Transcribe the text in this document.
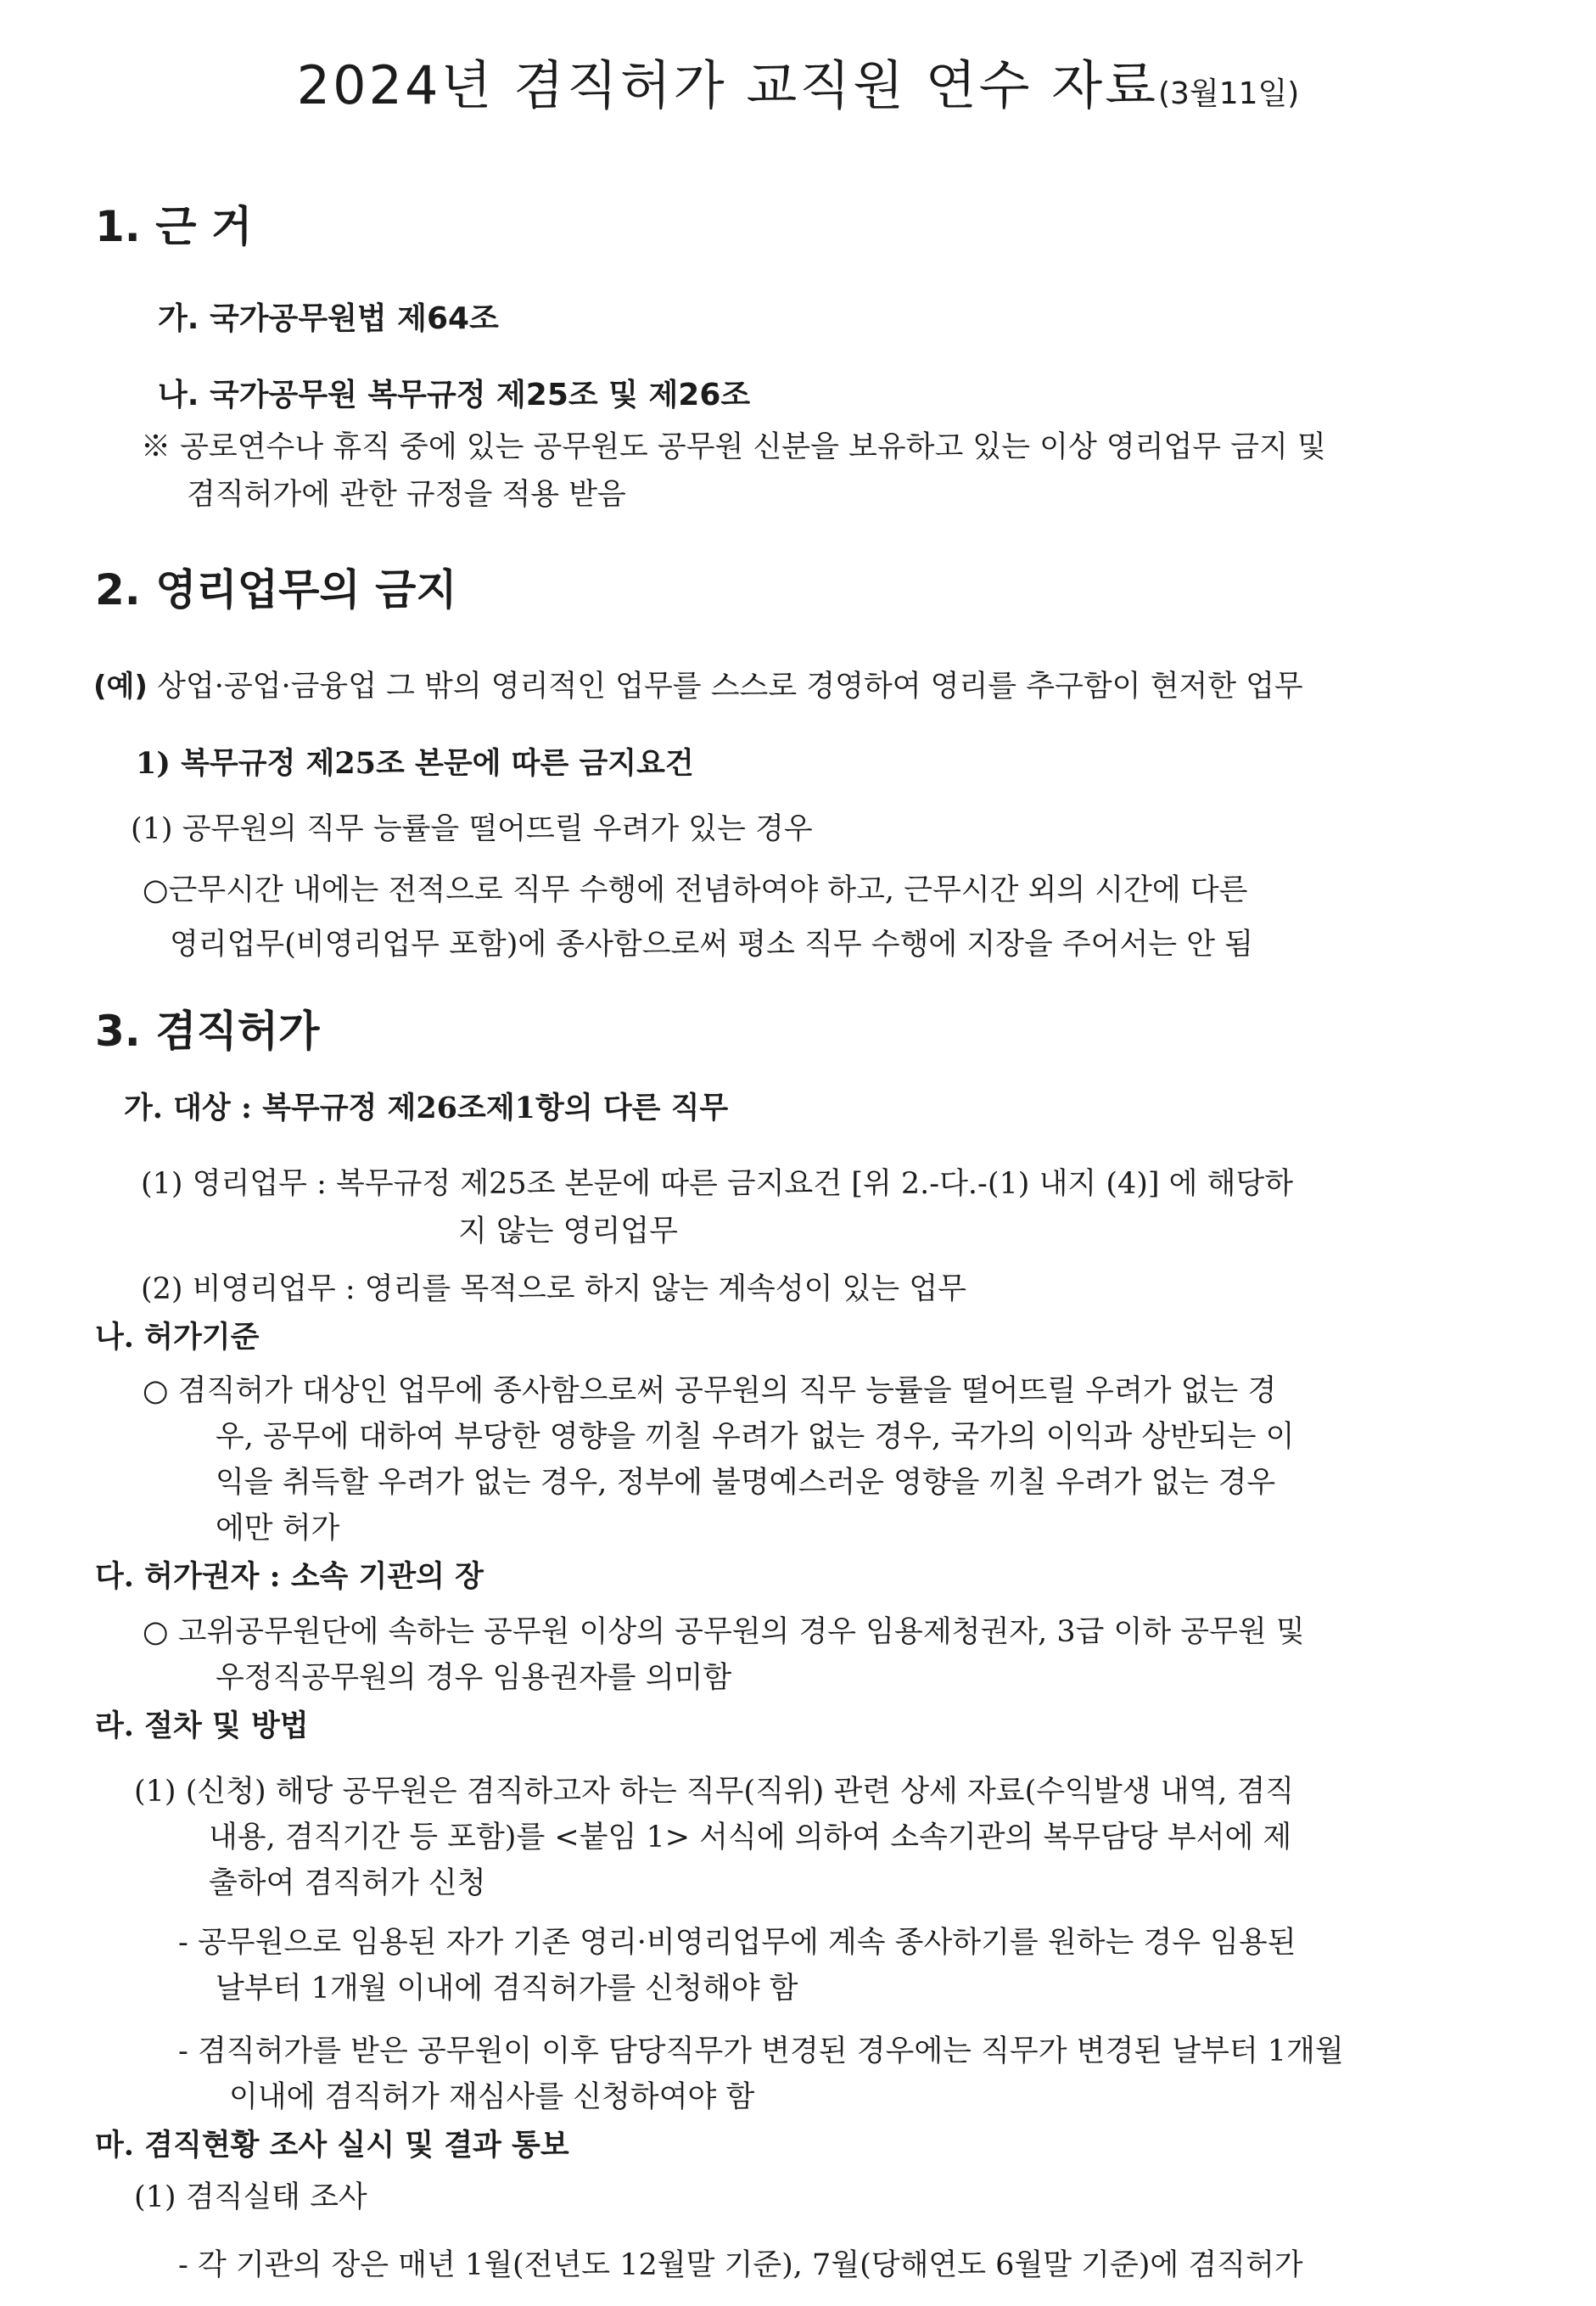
2024년 겸직허가 교직원 연수 자료(3월11일)
1. 근 거
가. 국가공무원법 제64조
나. 국가공무원 복무규정 제25조 및 제26조
※ 공로연수나 휴직 중에 있는 공무원도 공무원 신분을 보유하고 있는 이상 영리업무 금지 및
겸직허가에 관한 규정을 적용 받음
2. 영리업무의 금지
(예) 상업·공업·금융업 그 밖의 영리적인 업무를 스스로 경영하여 영리를 추구함이 현저한 업무
1) 복무규정 제25조 본문에 따른 금지요건
(1) 공무원의 직무 능률을 떨어뜨릴 우려가 있는 경우
○근무시간 내에는 전적으로 직무 수행에 전념하여야 하고, 근무시간 외의 시간에 다른
영리업무(비영리업무 포함)에 종사함으로써 평소 직무 수행에 지장을 주어서는 안 됨
3. 겸직허가
가. 대상 : 복무규정 제26조제1항의 다른 직무
(1) 영리업무 : 복무규정 제25조 본문에 따른 금지요건 [위 2.-다.-(1) 내지 (4)] 에 해당하
지 않는 영리업무
(2) 비영리업무 : 영리를 목적으로 하지 않는 계속성이 있는 업무
나. 허가기준
○ 겸직허가 대상인 업무에 종사함으로써 공무원의 직무 능률을 떨어뜨릴 우려가 없는 경
우, 공무에 대하여 부당한 영향을 끼칠 우려가 없는 경우, 국가의 이익과 상반되는 이
익을 취득할 우려가 없는 경우, 정부에 불명예스러운 영향을 끼칠 우려가 없는 경우
에만 허가
다. 허가권자 : 소속 기관의 장
○ 고위공무원단에 속하는 공무원 이상의 공무원의 경우 임용제청권자, 3급 이하 공무원 및
우정직공무원의 경우 임용권자를 의미함
라. 절차 및 방법
(1) (신청) 해당 공무원은 겸직하고자 하는 직무(직위) 관련 상세 자료(수익발생 내역, 겸직
내용, 겸직기간 등 포함)를 <붙임 1> 서식에 의하여 소속기관의 복무담당 부서에 제
출하여 겸직허가 신청
- 공무원으로 임용된 자가 기존 영리·비영리업무에 계속 종사하기를 원하는 경우 임용된
날부터 1개월 이내에 겸직허가를 신청해야 함
- 겸직허가를 받은 공무원이 이후 담당직무가 변경된 경우에는 직무가 변경된 날부터 1개월
이내에 겸직허가 재심사를 신청하여야 함
마. 겸직현황 조사 실시 및 결과 통보
(1) 겸직실태 조사
- 각 기관의 장은 매년 1월(전년도 12월말 기준), 7월(당해연도 6월말 기준)에 겸직허가
